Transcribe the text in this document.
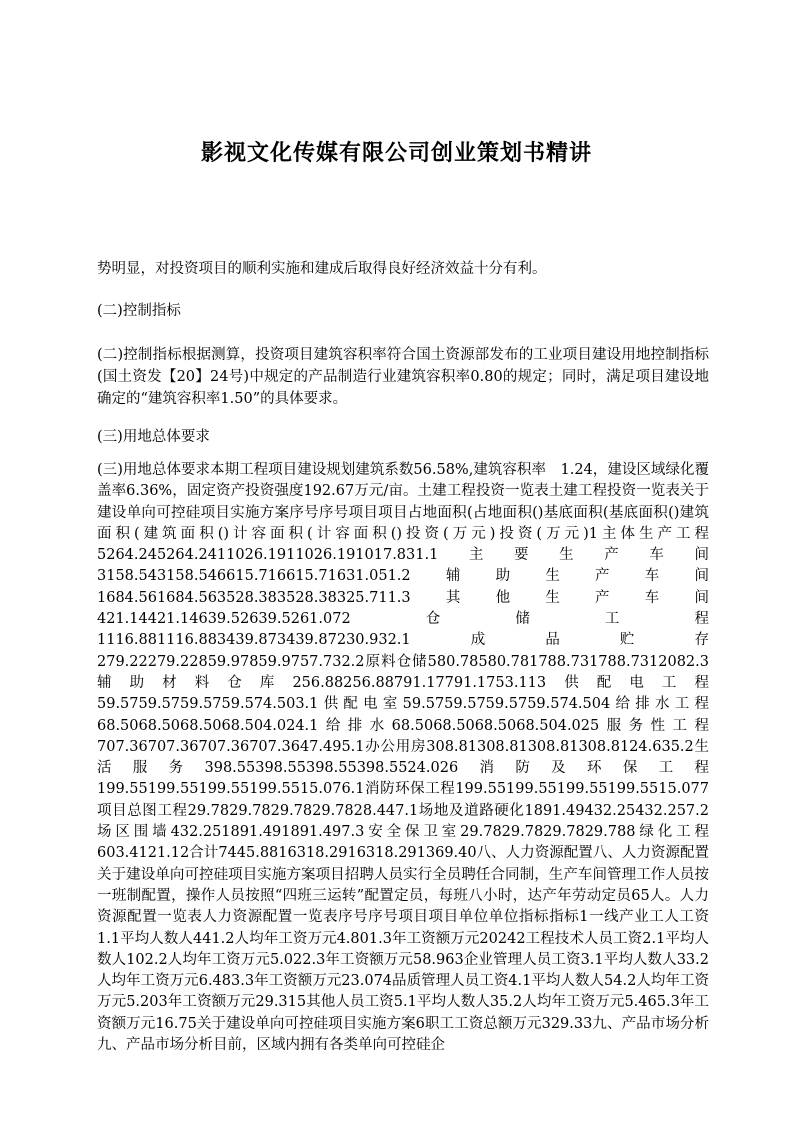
影视文化传媒有限公司创业策划书精讲
势明显，对投资项目的顺利实施和建成后取得良好经济效益十分有利。
(二)控制指标
(二)控制指标根据测算，投资项目建筑容积率符合国土资源部发布的工业项目建设用地控制指标(国土资发【20】24号)中规定的产品制造行业建筑容积率0.80的规定；同时，满足项目建设地确定的“建筑容积率1.50”的具体要求。
(三)用地总体要求
(三)用地总体要求本期工程项目建设规划建筑系数56.58%,建筑容积率　1.24，建设区域绿化覆盖率6.36%，固定资产投资强度192.67万元/亩。土建工程投资一览表土建工程投资一览表关于建设单向可控硅项目实施方案序号序号项目项目占地面积(占地面积()基底面积(基底面积()建筑面积(建筑面积()计容面积(计容面积()投资(万元)投资(万元)1主体生产工程5264.245264.2411026.1911026.191017.831.1主要生产车间3158.543158.546615.716615.71631.051.2辅助生产车间1684.561684.563528.383528.38325.711.3其他生产车间421.14421.14639.52639.5261.072仓储工程1116.881116.883439.873439.87230.932.1成品贮存279.22279.22859.97859.9757.732.2原料仓储580.78580.781788.731788.7312082.3辅助材料仓库256.88256.88791.17791.1753.113供配电工程59.5759.5759.5759.574.503.1供配电室59.5759.5759.5759.574.504给排水工程68.5068.5068.5068.504.024.1给排水68.5068.5068.5068.504.025服务性工程707.36707.36707.36707.3647.495.1办公用房308.81308.81308.81308.8124.635.2生活服务398.55398.55398.55398.5524.026消防及环保工程199.55199.55199.55199.5515.076.1消防环保工程199.55199.55199.55199.5515.077项目总图工程29.7829.7829.7829.7828.447.1场地及道路硬化1891.49432.25432.257.2场区围墙432.251891.491891.497.3安全保卫室29.7829.7829.7829.788绿化工程603.4121.12合计7445.8816318.2916318.291369.40八、人力资源配置八、人力资源配置关于建设单向可控硅项目实施方案项目招聘人员实行全员聘任合同制，生产车间管理工作人员按一班制配置，操作人员按照“四班三运转”配置定员，每班八小时，达产年劳动定员65人。人力资源配置一览表人力资源配置一览表序号序号项目项目单位单位指标指标1一线产业工人工资1.1平均人数人441.2人均年工资万元4.801.3年工资额万元20242工程技术人员工资2.1平均人数人102.2人均年工资万元5.022.3年工资额万元58.963企业管理人员工资3.1平均人数人33.2人均年工资万元6.483.3年工资额万元23.074品质管理人员工资4.1平均人数人54.2人均年工资万元5.203年工资额万元29.315其他人员工资5.1平均人数人35.2人均年工资万元5.465.3年工资额万元16.75关于建设单向可控硅项目实施方案6职工工资总额万元329.33九、产品市场分析九、产品市场分析目前，区域内拥有各类单向可控硅企
